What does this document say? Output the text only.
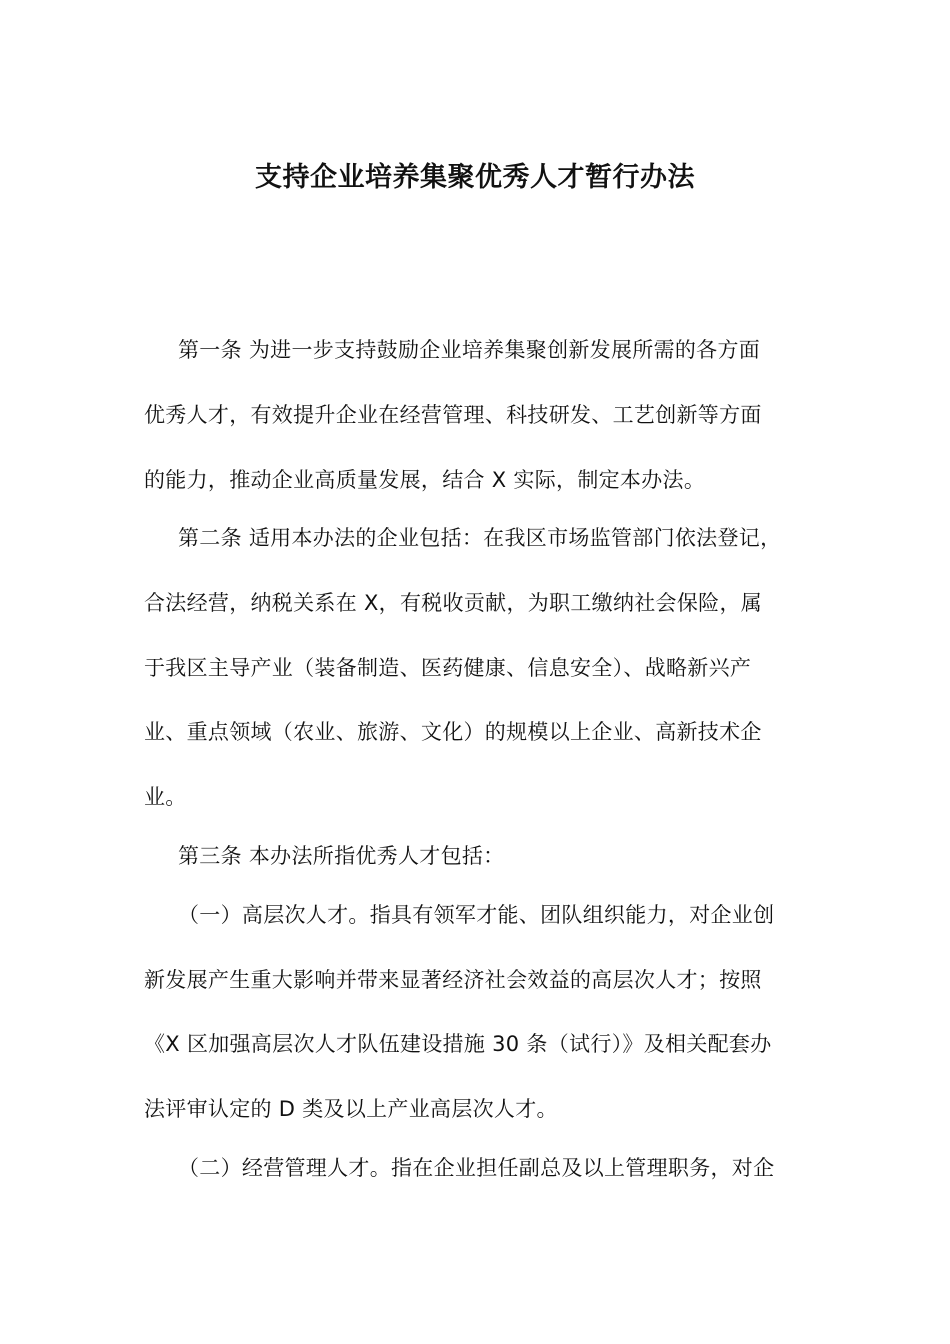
支持企业培养集聚优秀人才暂行办法
第一条 为进一步支持鼓励企业培养集聚创新发展所需的各方面
优秀人才，有效提升企业在经营管理、科技研发、工艺创新等方面
的能力，推动企业高质量发展，结合 X 实际，制定本办法。
第二条 适用本办法的企业包括：在我区市场监管部门依法登记，
合法经营，纳税关系在 X，有税收贡献，为职工缴纳社会保险，属
于我区主导产业（装备制造、医药健康、信息安全）、战略新兴产
业、重点领域（农业、旅游、文化）的规模以上企业、高新技术企
业。
第三条 本办法所指优秀人才包括：
（一）高层次人才。指具有领军才能、团队组织能力，对企业创
新发展产生重大影响并带来显著经济社会效益的高层次人才；按照
《X 区加强高层次人才队伍建设措施 30 条（试行）》及相关配套办
法评审认定的 D 类及以上产业高层次人才。
（二）经营管理人才。指在企业担任副总及以上管理职务，对企
